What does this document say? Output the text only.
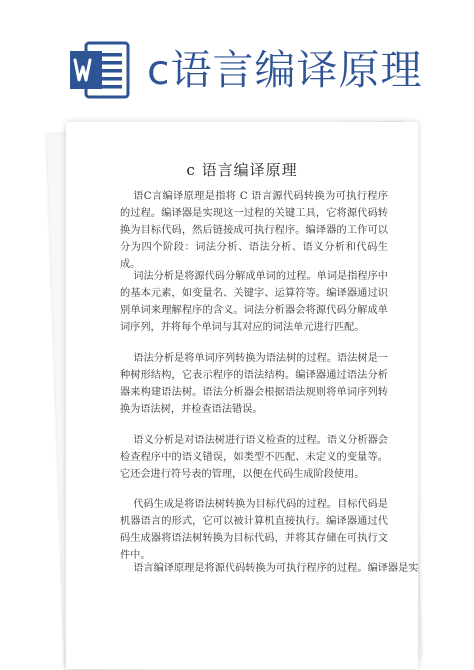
c语言编译原理
c 语言编译原理
语C言编译原理是指将 C 语言源代码转换为可执行程序的过程。编译器是实现这一过程的关键工具，它将源代码转换为目标代码，然后链接成可执行程序。编译器的工作可以分为四个阶段：词法分析、语法分析、语义分析和代码生成。
词法分析是将源代码分解成单词的过程。单词是指程序中的基本元素，如变量名、关键字、运算符等。编译器通过识别单词来理解程序的含义。词法分析器会将源代码分解成单词序列，并将每个单词与其对应的词法单元进行匹配。
语法分析是将单词序列转换为语法树的过程。语法树是一种树形结构，它表示程序的语法结构。编译器通过语法分析器来构建语法树。语法分析器会根据语法规则将单词序列转换为语法树，并检查语法错误。
语义分析是对语法树进行语义检查的过程。语义分析器会检查程序中的语义错误，如类型不匹配、未定义的变量等。它还会进行符号表的管理，以便在代码生成阶段使用。
代码生成是将语法树转换为目标代码的过程。目标代码是机器语言的形式，它可以被计算机直接执行。编译器通过代码生成器将语法树转换为目标代码，并将其存储在可执行文件中。
语言编译原理是将源代码转换为可执行程序的过程。编译器是实
